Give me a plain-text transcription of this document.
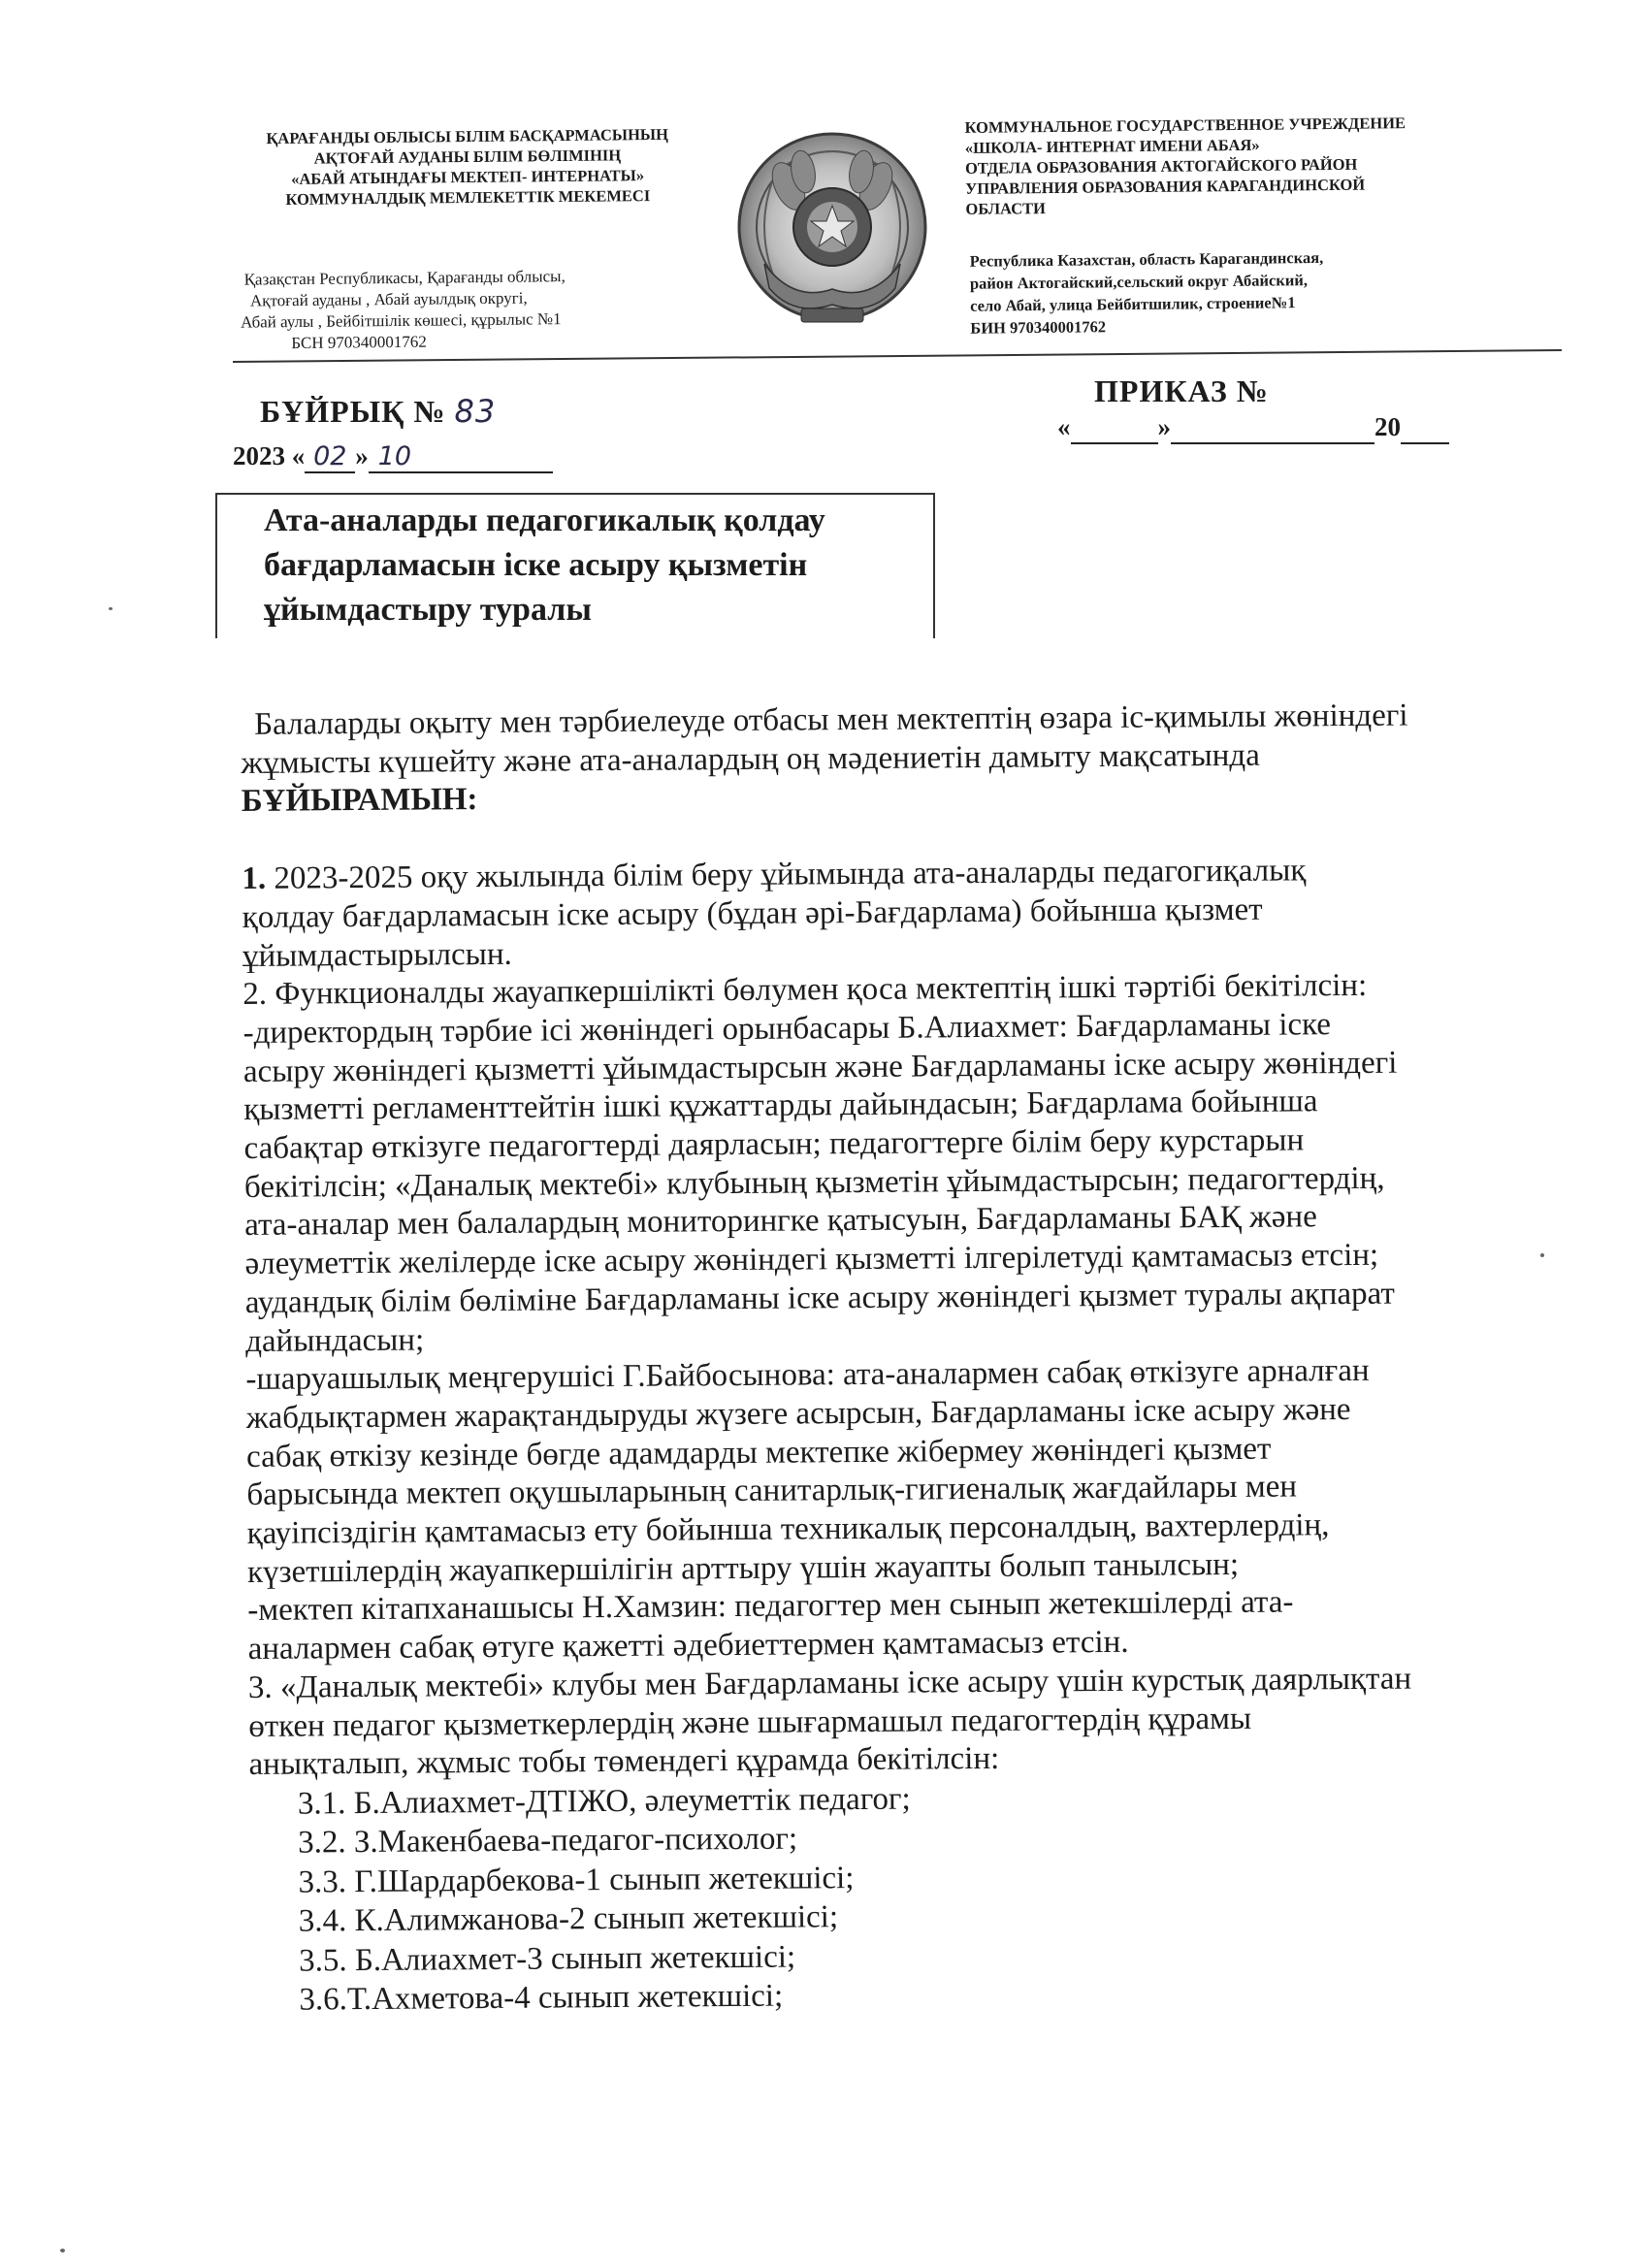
ҚАРАҒАНДЫ ОБЛЫСЫ БІЛІМ БАСҚАРМАСЫНЫҢ
АҚТОҒАЙ АУДАНЫ БІЛІМ БӨЛІМІНІҢ
«АБАЙ АТЫНДАҒЫ МЕКТЕП- ИНТЕРНАТЫ»
КОММУНАЛДЫҚ МЕМЛЕКЕТТІК МЕКЕМЕСІ
Қазақстан Республикасы, Қарағанды облысы,
Ақтоғай ауданы , Абай ауылдық округі,
Абай аулы , Бейбітшілік көшесі, құрылыс №1
БСН 970340001762
КОММУНАЛЬНОЕ ГОСУДАРСТВЕННОЕ УЧРЕЖДЕНИЕ
«ШКОЛА- ИНТЕРНАТ ИМЕНИ АБАЯ»
ОТДЕЛА ОБРАЗОВАНИЯ АКТОГАЙСКОГО РАЙОН
УПРАВЛЕНИЯ ОБРАЗОВАНИЯ КАРАГАНДИНСКОЙ
ОБЛАСТИ
Республика Казахстан, область Карагандинская,
район Актогайский,сельский округ Абайский,
село Абай, улица Бейбитшилик, строение№1
БИН 970340001762
БҰЙРЫҚ № 83
2023 « 02 » 10
ПРИКАЗ №
«	»	20
Ата-аналарды педагогикалық қолдау
бағдарламасын іске асыру қызметін
ұйымдастыру туралы
Балаларды оқыту мен тәрбиелеуде отбасы мен мектептің өзара іс-қимылы жөніндегі
жұмысты күшейту және ата-аналардың оң мәдениетін дамыту мақсатында
БҰЙЫРАМЫН:
1. 2023-2025 оқу жылында білім беру ұйымында ата-аналарды педагогиқалық
қолдау бағдарламасын іске асыру (бұдан әрі-Бағдарлама) бойынша қызмет
ұйымдастырылсын.
2. Функционалды жауапкершілікті бөлумен қоса мектептің ішкі тәртібі бекітілсін:
-директордың тәрбие ісі жөніндегі орынбасары Б.Алиахмет: Бағдарламаны іске
асыру жөніндегі қызметті ұйымдастырсын және Бағдарламаны іске асыру жөніндегі
қызметті регламенттейтін ішкі құжаттарды дайындасын; Бағдарлама бойынша
сабақтар өткізуге педагогтерді даярласын; педагогтерге білім беру курстарын
бекітілсін; «Даналық мектебі» клубының қызметін ұйымдастырсын; педагогтердің,
ата-аналар мен балалардың мониторингке қатысуын, Бағдарламаны БАҚ және
әлеуметтік желілерде іске асыру жөніндегі қызметті ілгерілетуді қамтамасыз етсін;
аудандық білім бөліміне Бағдарламаны іске асыру жөніндегі қызмет туралы ақпарат
дайындасын;
-шаруашылық меңгерушісі Г.Байбосынова: ата-аналармен сабақ өткізуге арналған
жабдықтармен жарақтандыруды жүзеге асырсын, Бағдарламаны іске асыру және
сабақ өткізу кезінде бөгде адамдарды мектепке жібермеу жөніндегі қызмет
барысында мектеп оқушыларының санитарлық-гигиеналық жағдайлары мен
қауіпсіздігін қамтамасыз ету бойынша техникалық персоналдың, вахтерлердің,
күзетшілердің жауапкершілігін арттыру үшін жауапты болып танылсын;
-мектеп кітапханашысы Н.Хамзин: педагогтер мен сынып жетекшілерді ата-
аналармен сабақ өтуге қажетті әдебиеттермен қамтамасыз етсін.
3. «Даналық мектебі» клубы мен Бағдарламаны іске асыру үшін курстық даярлықтан
өткен педагог қызметкерлердің және шығармашыл педагогтердің құрамы
анықталып, жұмыс тобы төмендегі құрамда бекітілсін:
3.1. Б.Алиахмет-ДТІЖО, әлеуметтік педагог;
3.2. З.Макенбаева-педагог-психолог;
3.3. Г.Шардарбекова-1 сынып жетекшісі;
3.4. К.Алимжанова-2 сынып жетекшісі;
3.5. Б.Алиахмет-3 сынып жетекшісі;
3.6.Т.Ахметова-4 сынып жетекшісі;
